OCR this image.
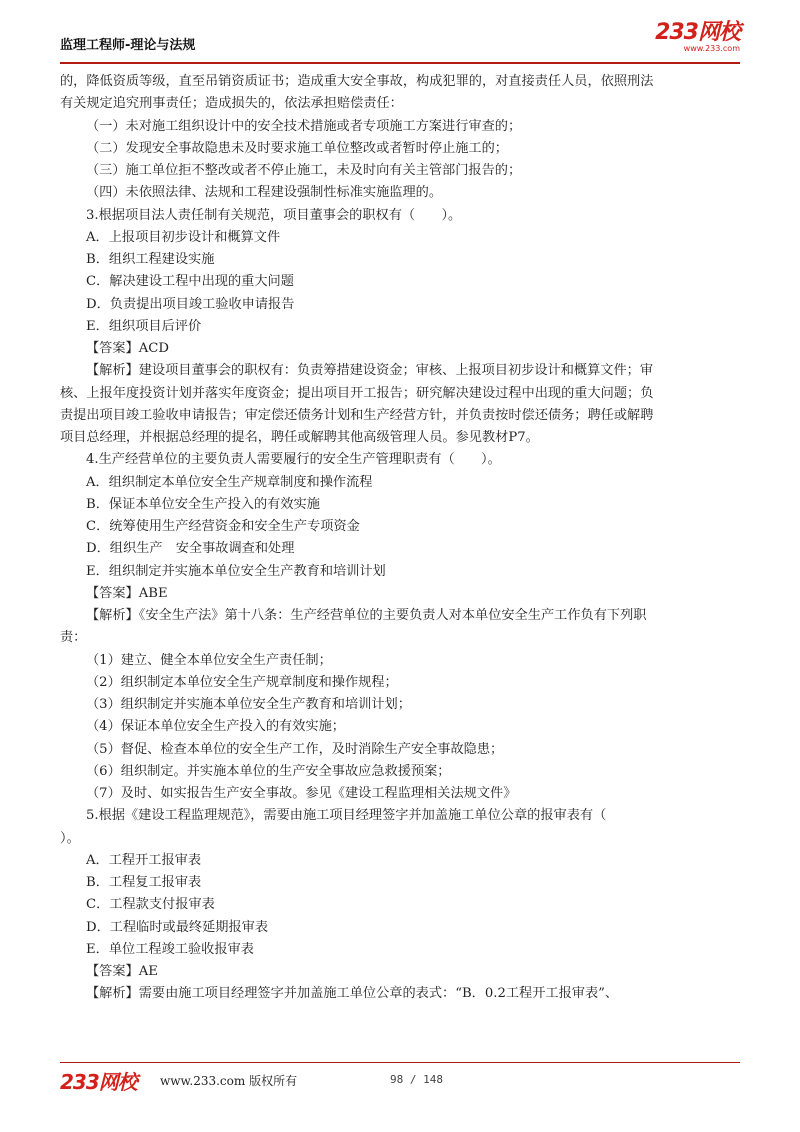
监理工程师-理论与法规
233网校
www.233.com
的，降低资质等级，直至吊销资质证书；造成重大安全事故，构成犯罪的，对直接责任人员，依照刑法
有关规定追究刑事责任；造成损失的，依法承担赔偿责任：
（一）未对施工组织设计中的安全技术措施或者专项施工方案进行审查的；
（二）发现安全事故隐患未及时要求施工单位整改或者暂时停止施工的；
（三）施工单位拒不整改或者不停止施工，未及时向有关主管部门报告的；
（四）未依照法律、法规和工程建设强制性标准实施监理的。
3.根据项目法人责任制有关规范，项目董事会的职权有（　　）。
A．上报项目初步设计和概算文件
B．组织工程建设实施
C．解决建设工程中出现的重大问题
D．负责提出项目竣工验收申请报告
E．组织项目后评价
【答案】ACD
【解析】建设项目董事会的职权有：负责筹措建设资金；审核、上报项目初步设计和概算文件；审
核、上报年度投资计划并落实年度资金；提出项目开工报告；研究解决建设过程中出现的重大问题；负
责提出项目竣工验收申请报告；审定偿还债务计划和生产经营方针，并负责按时偿还债务；聘任或解聘
项目总经理，并根据总经理的提名，聘任或解聘其他高级管理人员。参见教材P7。
4.生产经营单位的主要负责人需要履行的安全生产管理职责有（　　）。
A．组织制定本单位安全生产规章制度和操作流程
B．保证本单位安全生产投入的有效实施
C．统筹使用生产经营资金和安全生产专项资金
D．组织生产　安全事故调查和处理
E．组织制定并实施本单位安全生产教育和培训计划
【答案】ABE
【解析】《安全生产法》第十八条：生产经营单位的主要负责人对本单位安全生产工作负有下列职
责：
（1）建立、健全本单位安全生产责任制；
（2）组织制定本单位安全生产规章制度和操作规程；
（3）组织制定并实施本单位安全生产教育和培训计划；
（4）保证本单位安全生产投入的有效实施；
（5）督促、检查本单位的安全生产工作，及时消除生产安全事故隐患；
（6）组织制定。并实施本单位的生产安全事故应急救援预案；
（7）及时、如实报告生产安全事故。参见《建设工程监理相关法规文件》
5.根据《建设工程监理规范》，需要由施工项目经理签字并加盖施工单位公章的报审表有（
）。
A．工程开工报审表
B．工程复工报审表
C．工程款支付报审表
D．工程临时或最终延期报审表
E．单位工程竣工验收报审表
【答案】AE
【解析】需要由施工项目经理签字并加盖施工单位公章的表式：“B．0.2工程开工报审表”、
233网校 www.233.com 版权所有	98 / 148
